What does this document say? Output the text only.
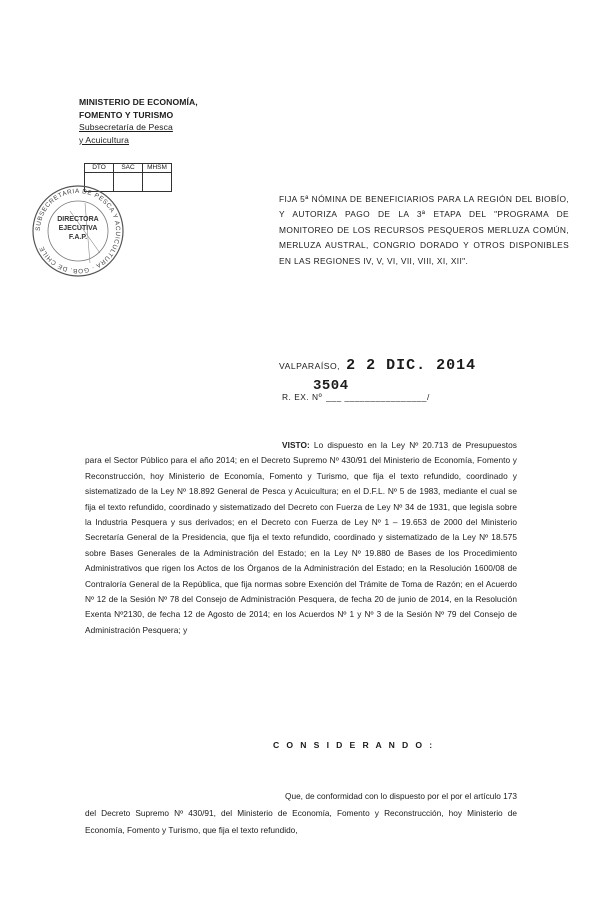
MINISTERIO DE ECONOMÍA,
FOMENTO Y TURISMO
Subsecretaría de Pesca
y Acuicultura
DTO	SAC	MHSM

SUBSECRETARIA DE PESCA Y ACUICULTURA · GOB. DE CHILE
DIRECTORA
EJECUTIVA
F.A.P.
FIJA 5ª NÓMINA DE BENEFICIARIOS PARA LA REGIÓN DEL BIOBÍO, Y AUTORIZA PAGO DE LA 3ª ETAPA DEL "PROGRAMA DE MONITOREO DE LOS RECURSOS PESQUEROS MERLUZA COMÚN, MERLUZA AUSTRAL, CONGRIO DORADO Y OTROS DISPONIBLES EN LAS REGIONES IV, V, VI, VII, VIII, XI, XII".
VALPARAÍSO, 2 2 DIC. 2014
R. EX. Nº ___ ________________/
3504
VISTO: Lo dispuesto en la Ley Nº 20.713 de Presupuestos para el Sector Público para el año 2014; en el Decreto Supremo Nº 430/91 del Ministerio de Economía, Fomento y Reconstrucción, hoy Ministerio de Economía, Fomento y Turismo, que fija el texto refundido, coordinado y sistematizado de la Ley Nº 18.892 General de Pesca y Acuicultura; en el D.F.L. Nº 5 de 1983, mediante el cual se fija el texto refundido, coordinado y sistematizado del Decreto con Fuerza de Ley Nº 34 de 1931, que legisla sobre la Industria Pesquera y sus derivados; en el Decreto con Fuerza de Ley Nº 1 – 19.653 de 2000 del Ministerio Secretaría General de la Presidencia, que fija el texto refundido, coordinado y sistematizado de la Ley Nº 18.575 sobre Bases Generales de la Administración del Estado; en la Ley Nº 19.880 de Bases de los Procedimiento Administrativos que rigen los Actos de los Órganos de la Administración del Estado; en la Resolución 1600/08 de Contraloría General de la República, que fija normas sobre Exención del Trámite de Toma de Razón; en el Acuerdo Nº 12 de la Sesión Nº 78 del Consejo de Administración Pesquera, de fecha 20 de junio de 2014, en la Resolución Exenta Nº2130, de fecha 12 de Agosto de 2014; en los Acuerdos Nº 1 y Nº 3 de la Sesión Nº 79 del Consejo de Administración Pesquera; y
C O N S I D E R A N D O :
Que, de conformidad con lo dispuesto por el por el artículo 173 del Decreto Supremo Nº 430/91, del Ministerio de Economía, Fomento y Reconstrucción, hoy Ministerio de Economía, Fomento y Turismo, que fija el texto refundido,
